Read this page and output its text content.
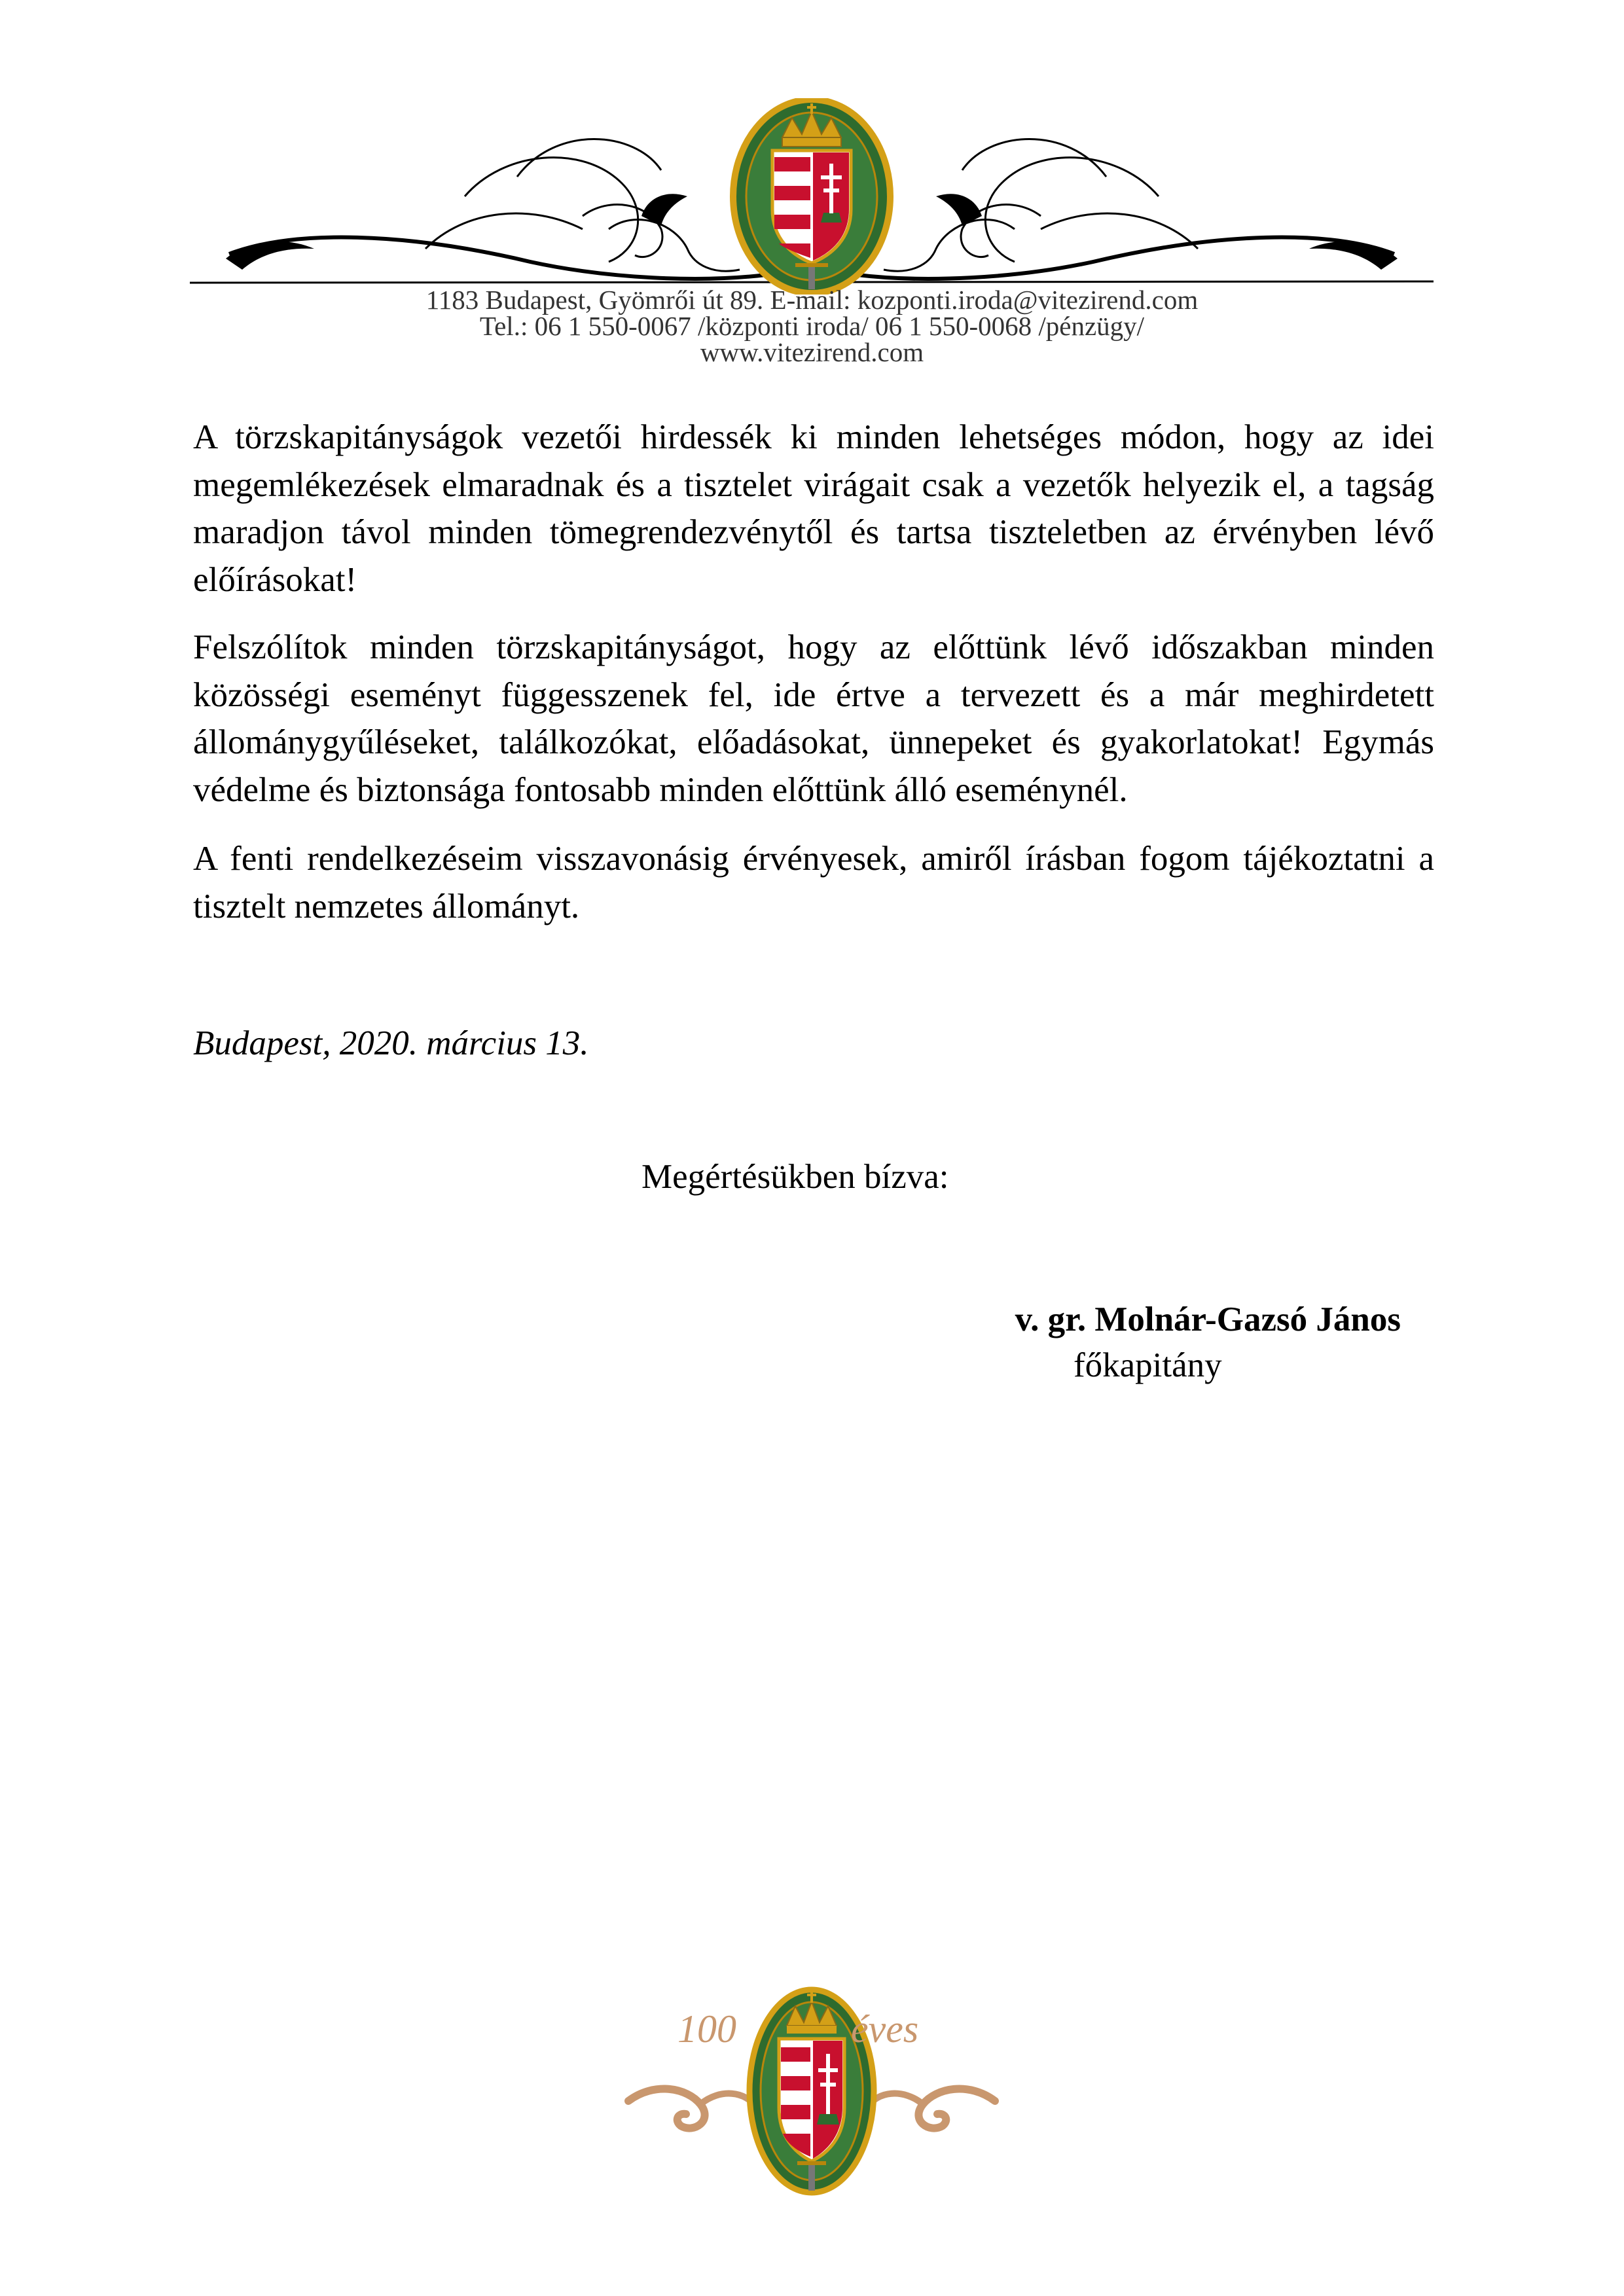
1183 Budapest, Gyömrői út 89. E-mail: kozponti.iroda@vitezirend.com
Tel.: 06 1 550-0067 /központi iroda/ 06 1 550-0068 /pénzügy/
www.vitezirend.com

A törzskapitányságok vezetői hirdessék ki minden lehetséges módon, hogy az idei megemlékezések elmaradnak és a tisztelet virágait csak a vezetők helyezik el, a tagság maradjon távol minden tömegrendezvénytől és tartsa tiszteletben az érvényben lévő előírásokat!

Felszólítok minden törzskapitányságot, hogy az előttünk lévő időszakban minden közösségi eseményt függesszenek fel, ide értve a tervezett és a már meghirdetett állománygyűléseket, találkozókat, előadásokat, ünnepeket és gyakorlatokat! Egymás védelme és biztonsága fontosabb minden előttünk álló eseménynél.

A fenti rendelkezéseim visszavonásig érvényesek, amiről írásban fogom tájékoztatni a tisztelt nemzetes állományt.

Budapest, 2020. március 13.
Megértésükben bízva:
v. gr. Molnár-Gazsó János
főkapitány
100	éves
